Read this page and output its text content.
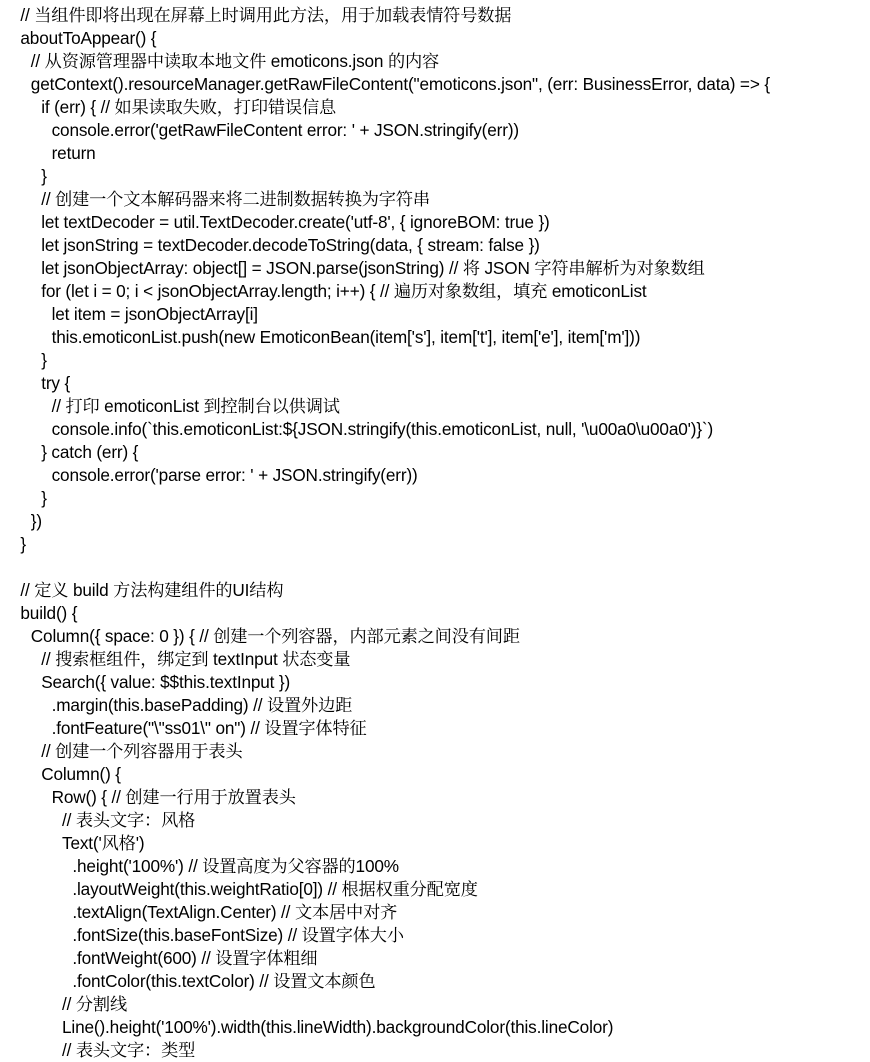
// 当组件即将出现在屏幕上时调用此方法，用于加载表情符号数据
aboutToAppear() {
// 从资源管理器中读取本地文件 emoticons.json 的内容
getContext().resourceManager.getRawFileContent("emoticons.json", (err: BusinessError, data) => {
if (err) { // 如果读取失败，打印错误信息
console.error('getRawFileContent error: ' + JSON.stringify(err))
return
}
// 创建一个文本解码器来将二进制数据转换为字符串
let textDecoder = util.TextDecoder.create('utf-8', { ignoreBOM: true })
let jsonString = textDecoder.decodeToString(data, { stream: false })
let jsonObjectArray: object[] = JSON.parse(jsonString) // 将 JSON 字符串解析为对象数组
for (let i = 0; i < jsonObjectArray.length; i++) { // 遍历对象数组，填充 emoticonList
let item = jsonObjectArray[i]
this.emoticonList.push(new EmoticonBean(item['s'], item['t'], item['e'], item['m']))
}
try {
// 打印 emoticonList 到控制台以供调试
console.info(`this.emoticonList:${JSON.stringify(this.emoticonList, null, '\u00a0\u00a0')}`)
} catch (err) {
console.error('parse error: ' + JSON.stringify(err))
}
})
}
// 定义 build 方法构建组件的UI结构
build() {
Column({ space: 0 }) { // 创建一个列容器，内部元素之间没有间距
// 搜索框组件，绑定到 textInput 状态变量
Search({ value: $$this.textInput })
.margin(this.basePadding) // 设置外边距
.fontFeature("\"ss01\" on") // 设置字体特征
// 创建一个列容器用于表头
Column() {
Row() { // 创建一行用于放置表头
// 表头文字：风格
Text('风格')
.height('100%') // 设置高度为父容器的100%
.layoutWeight(this.weightRatio[0]) // 根据权重分配宽度
.textAlign(TextAlign.Center) // 文本居中对齐
.fontSize(this.baseFontSize) // 设置字体大小
.fontWeight(600) // 设置字体粗细
.fontColor(this.textColor) // 设置文本颜色
// 分割线
Line().height('100%').width(this.lineWidth).backgroundColor(this.lineColor)
// 表头文字：类型
